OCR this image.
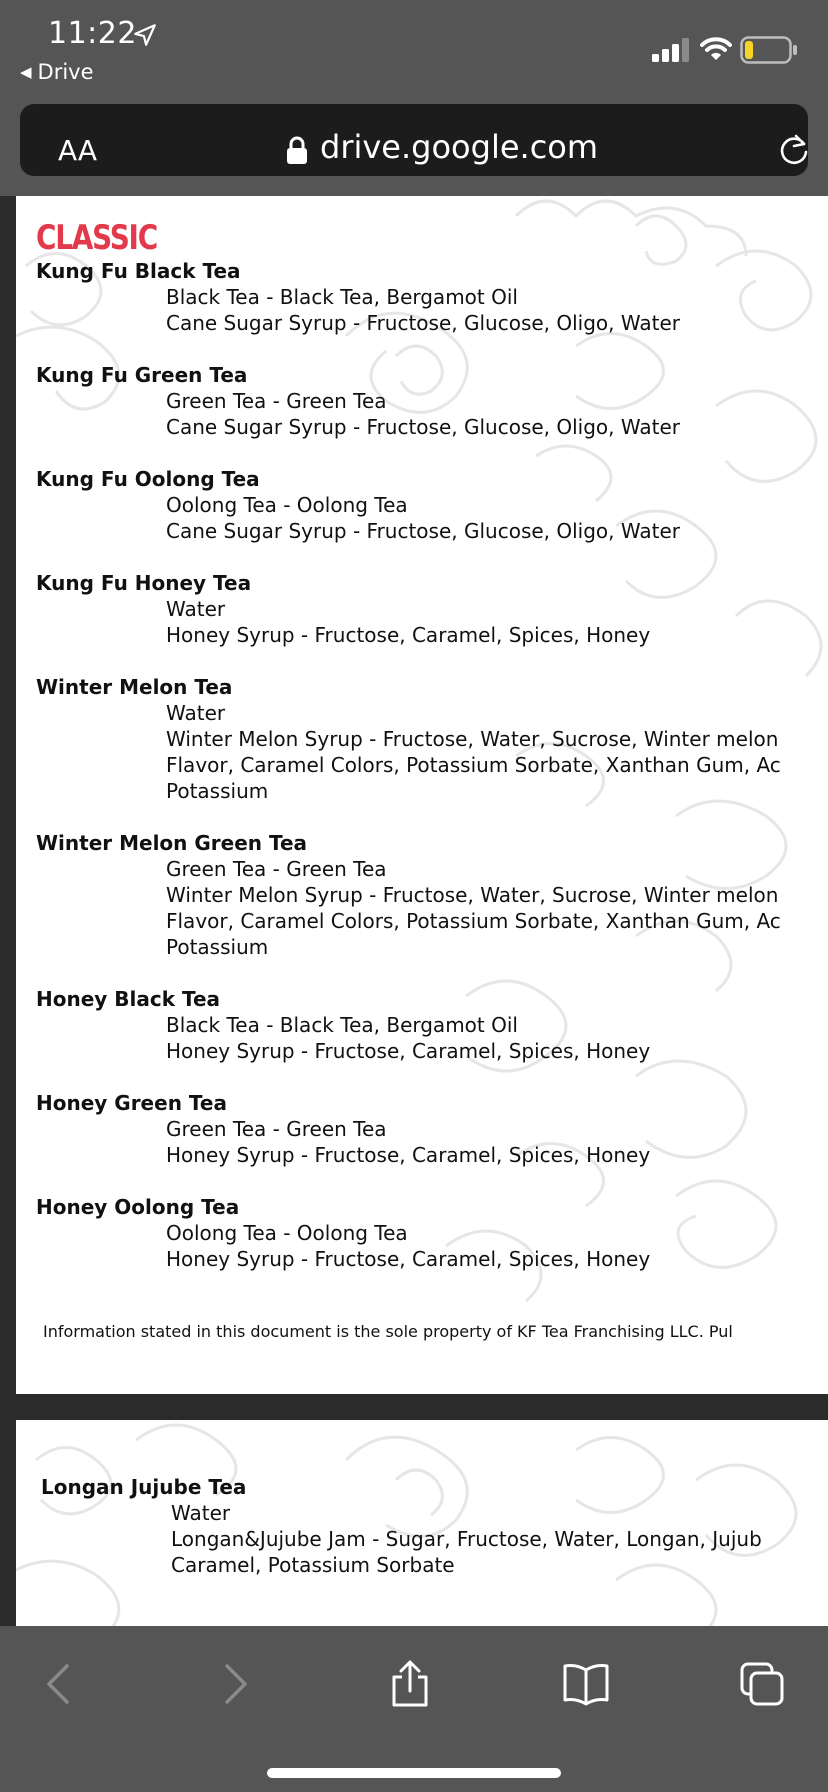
11:22
◀ Drive
AA	drive.google.com
CLASSIC
Kung Fu Black Tea
Black Tea - Black Tea, Bergamot Oil
Cane Sugar Syrup - Fructose, Glucose, Oligo, Water
Kung Fu Green Tea
Green Tea - Green Tea
Cane Sugar Syrup - Fructose, Glucose, Oligo, Water
Kung Fu Oolong Tea
Oolong Tea - Oolong Tea
Cane Sugar Syrup - Fructose, Glucose, Oligo, Water
Kung Fu Honey Tea
Water
Honey Syrup - Fructose, Caramel, Spices, Honey
Winter Melon Tea
Water
Winter Melon Syrup - Fructose, Water, Sucrose, Winter melon
Flavor, Caramel Colors, Potassium Sorbate, Xanthan Gum, Ac
Potassium
Winter Melon Green Tea
Green Tea - Green Tea
Winter Melon Syrup - Fructose, Water, Sucrose, Winter melon
Flavor, Caramel Colors, Potassium Sorbate, Xanthan Gum, Ac
Potassium
Honey Black Tea
Black Tea - Black Tea, Bergamot Oil
Honey Syrup - Fructose, Caramel, Spices, Honey
Honey Green Tea
Green Tea - Green Tea
Honey Syrup - Fructose, Caramel, Spices, Honey
Honey Oolong Tea
Oolong Tea - Oolong Tea
Honey Syrup - Fructose, Caramel, Spices, Honey
Information stated in this document is the sole property of KF Tea Franchising LLC. Pul
Longan Jujube Tea
Water
Longan&Jujube Jam - Sugar, Fructose, Water, Longan, Jujub
Caramel, Potassium Sorbate
